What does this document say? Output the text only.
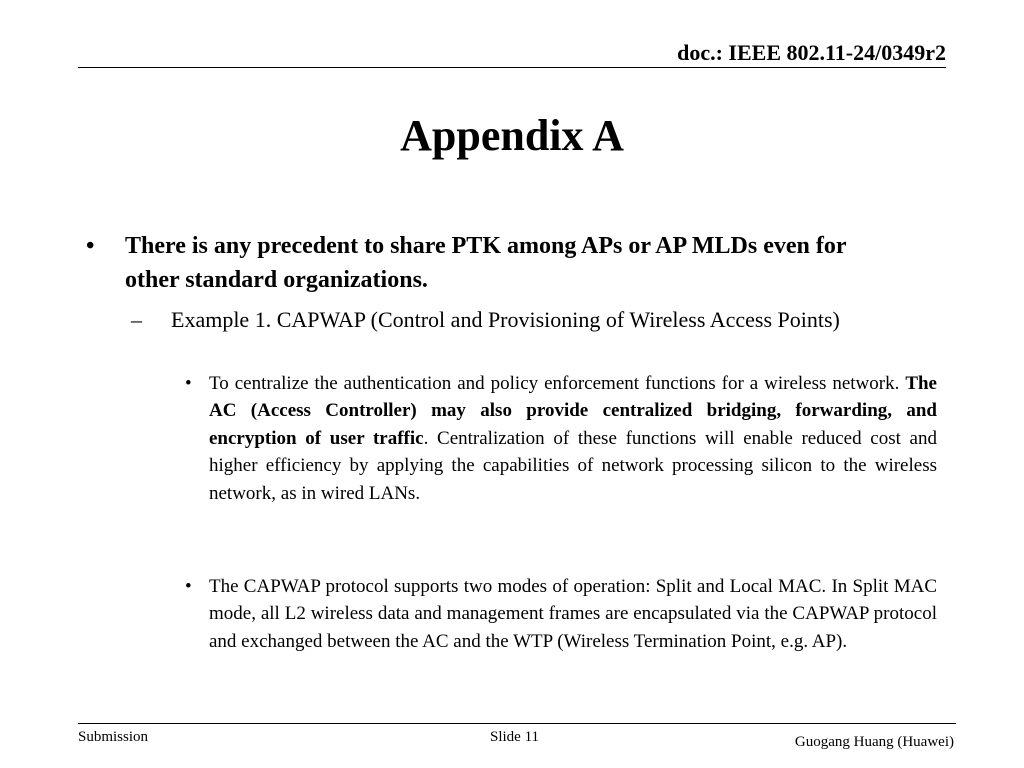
doc.: IEEE 802.11-24/0349r2
Appendix A
•	There is any precedent to share PTK among APs or AP MLDs even for other standard organizations.
–	Example 1. CAPWAP (Control and Provisioning of Wireless Access Points)
• To centralize the authentication and policy enforcement functions for a wireless network. The AC (Access Controller) may also provide centralized bridging, forwarding, and encryption of user traffic. Centralization of these functions will enable reduced cost and higher efficiency by applying the capabilities of network processing silicon to the wireless network, as in wired LANs.
• The CAPWAP protocol supports two modes of operation: Split and Local MAC. In Split MAC mode, all L2 wireless data and management frames are encapsulated via the CAPWAP protocol and exchanged between the AC and the WTP (Wireless Termination Point, e.g. AP).
Submission	Slide 11	Guogang Huang (Huawei)
